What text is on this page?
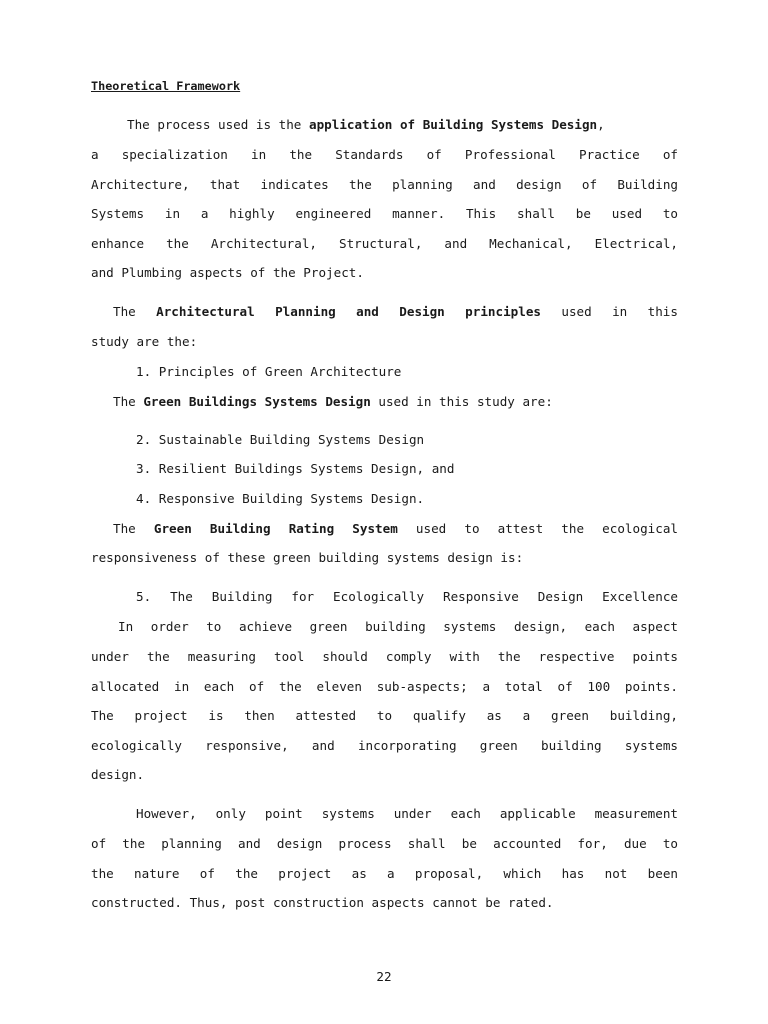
Theoretical Framework
The process used is the application of Building Systems Design,
a specialization in the Standards of Professional Practice of
Architecture, that indicates the planning and design of Building
Systems in a highly engineered manner. This shall be used to
enhance the Architectural, Structural, and Mechanical, Electrical,
and Plumbing aspects of the Project.
The Architectural Planning and Design principles used in this
study are the:
1. Principles of Green Architecture
The Green Buildings Systems Design used in this study are:
2. Sustainable Building Systems Design
3. Resilient Buildings Systems Design, and
4. Responsive Building Systems Design.
The Green Building Rating System used to attest the ecological
responsiveness of these green building systems design is:
5. The Building for Ecologically Responsive Design Excellence
In order to achieve green building systems design, each aspect
under the measuring tool should comply with the respective points
allocated in each of the eleven sub-aspects; a total of 100 points.
The project is then attested to qualify as a green building,
ecologically responsive, and incorporating green building systems
design.
However, only point systems under each applicable measurement
of the planning and design process shall be accounted for, due to
the nature of the project as a proposal, which has not been
constructed. Thus, post construction aspects cannot be rated.
22
